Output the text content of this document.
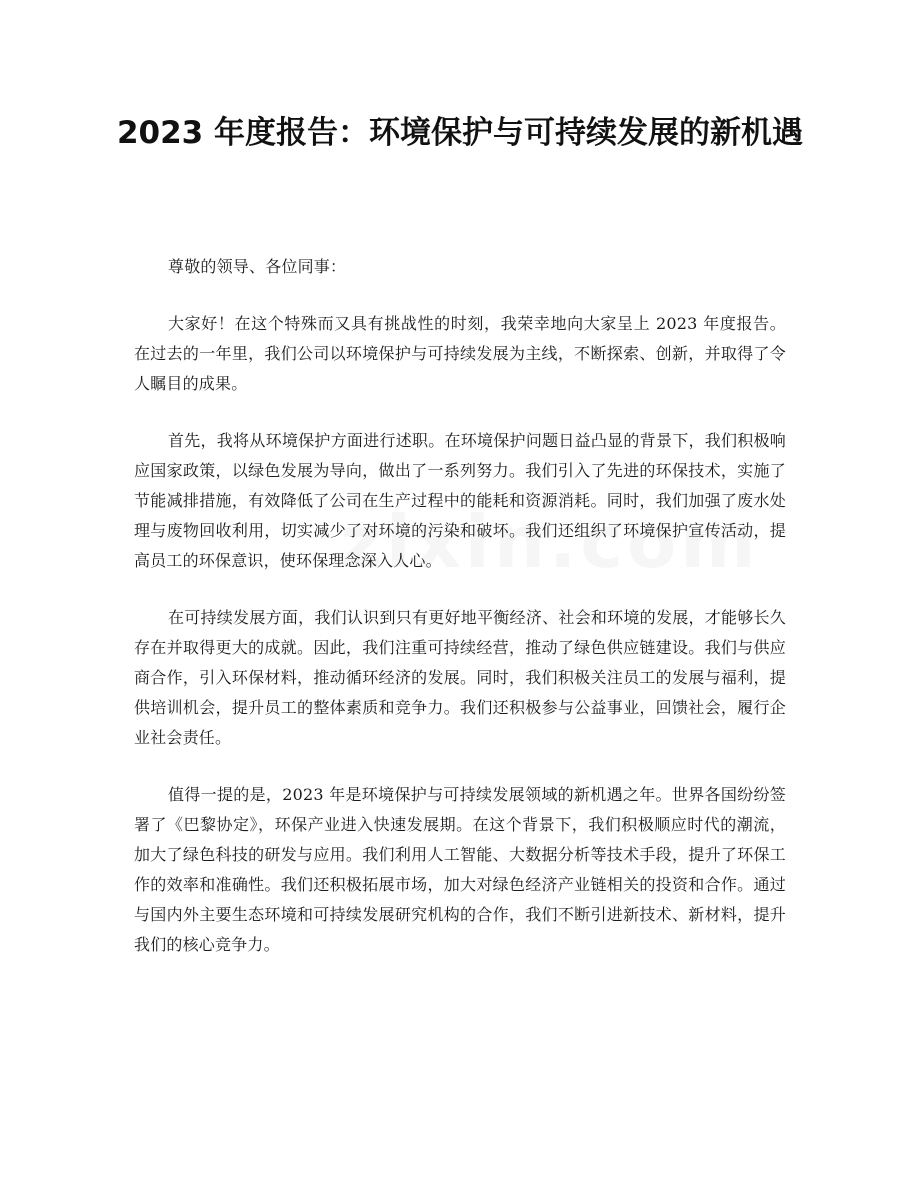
2023 年度报告：环境保护与可持续发展的新机遇

尊敬的领导、各位同事：

大家好！在这个特殊而又具有挑战性的时刻，我荣幸地向大家呈上 2023 年度报告。在过去的一年里，我们公司以环境保护与可持续发展为主线，不断探索、创新，并取得了令人瞩目的成果。

首先，我将从环境保护方面进行述职。在环境保护问题日益凸显的背景下，我们积极响应国家政策，以绿色发展为导向，做出了一系列努力。我们引入了先进的环保技术，实施了节能减排措施，有效降低了公司在生产过程中的能耗和资源消耗。同时，我们加强了废水处理与废物回收利用，切实减少了对环境的污染和破坏。我们还组织了环境保护宣传活动，提高员工的环保意识，使环保理念深入人心。

在可持续发展方面，我们认识到只有更好地平衡经济、社会和环境的发展，才能够长久存在并取得更大的成就。因此，我们注重可持续经营，推动了绿色供应链建设。我们与供应商合作，引入环保材料，推动循环经济的发展。同时，我们积极关注员工的发展与福利，提供培训机会，提升员工的整体素质和竞争力。我们还积极参与公益事业，回馈社会，履行企业社会责任。

值得一提的是，2023 年是环境保护与可持续发展领域的新机遇之年。世界各国纷纷签署了《巴黎协定》，环保产业进入快速发展期。在这个背景下，我们积极顺应时代的潮流，加大了绿色科技的研发与应用。我们利用人工智能、大数据分析等技术手段，提升了环保工作的效率和准确性。我们还积极拓展市场，加大对绿色经济产业链相关的投资和合作。通过与国内外主要生态环境和可持续发展研究机构的合作，我们不断引进新技术、新材料，提升我们的核心竞争力。
